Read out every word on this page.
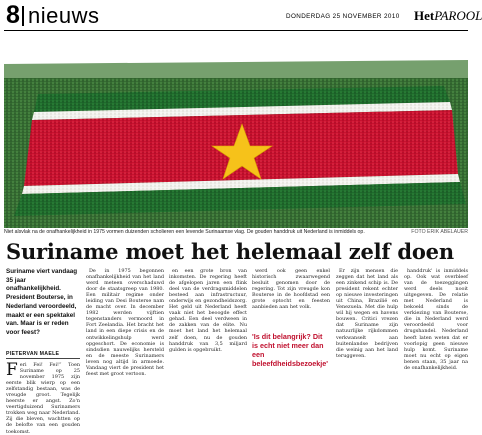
8 nieuws	DONDERDAG 25 NOVEMBER 2010 HetPAROOL
Niet alsvlak na de onafhankelijkheid in 1975 vormen duizenden scholieren een levende Surinaamse vlag. De gouden handdruk uit Nederland is inmiddels op.	FOTO ERIK ABELAUER
Suriname moet het helemaal zelf doen
Suriname viert vandaag 35 jaar onafhankelijkheid. President Bouterse, in Nederland veroordeeld, maakt er een spektakel van. Maar is er reden voor feest?
PIETERVAN MAELE
Feri Fei! Fei!” Toen Suriname op 25 november 1975 zijn eerste blik wierp op een zelfstandig bestaan, was de vreugde groot. Tegelijk heerste er angst. Zo'n veertigduizend Surinamers trokken weg naar Nederland. Zij die bleven, wachtten op de belofte van een gouden toekomst.

De in 1975 begonnen onafhankelijkheid van het land werd meteen overschaduwd door de staatsgreep van 1980. Een militair regime onder leiding van Desi Bouterse nam de macht over. In december 1982 werden vijftien tegenstanders vermoord in Fort Zeelandia. Het bracht het land in een diepe crisis en de ontwikkelingshulp werd opgeschort. De economie is sindsdien nauwelijks hersteld en de meeste Surinamers leven nog altijd in armoede. Vandaag viert de president het feest met groot vertoon.

en een grote bron van inkomsten. De regering heeft de afgelopen jaren een flink deel van de verdragsmiddelen besteed aan infrastructuur, onderwijs en gezondheidszorg. Het geld uit Nederland heeft vaak niet het beoogde effect gehad. Een deel verdween in de zakken van de elite. Nu moet het land het helemaal zelf doen, nu de gouden handdruk van 3,5 miljard gulden is opgebruikt.

werd ook geen enkel historisch zwaarwegend besluit genomen door de regering. Tot zijn vreugde kon Bouterse in de hoofdstad een grote optocht en feesten aanbieden aan het volk.

'Is dit belangrijk? Dit is echt niet meer dan een beleefdheidsbezoekje'

Er zijn mensen die zeggen dat het land als een zinkend schip is. De president rekent echter op nieuwe investeringen uit China, Brazilië en Venezuela. Met die hulp wil hij wegen en havens bouwen. Critici vrezen dat Suriname zijn natuurlijke rijkdommen verkwanselt aan buitenlandse bedrijven die weinig aan het land teruggeven.

handdruk' is inmiddels op. Ook wat overbleef van de toezeggingen werd deels nooit uitgegeven. De relatie met Nederland is bekoeld sinds de verkiezing van Bouterse, die in Nederland werd veroordeeld voor drugshandel. Nederland heeft laten weten dat er voorlopig geen nieuwe hulp komt. Suriname moet nu echt op eigen benen staan, 35 jaar na de onafhankelijkheid.
